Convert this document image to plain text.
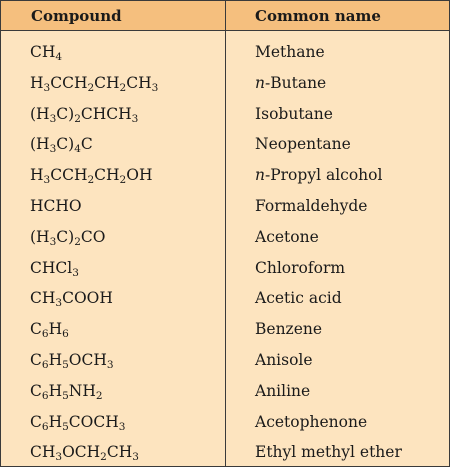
Compound	Common name
$CH_4$	Methane
$H_3CCH_2CH_2CH_3$	n-Butane
$(H_3C)_2CHCH_3$	Isobutane
$(H_3C)_4C$	Neopentane
$H_3CCH_2CH_2OH$	n-Propyl alcohol
HCHO	Formaldehyde
$(H_3C)_2CO$	Acetone
CHCl$_3$	Chloroform
$CH_3COOH$	Acetic acid
$C_6H_6$	Benzene
$C_6H_5OCH_3$	Anisole
$C_6H_5NH_2$	Aniline
$C_6H_5COCH_3$	Acetophenone
$CH_3OCH_2CH_3$	Ethyl methyl ether
